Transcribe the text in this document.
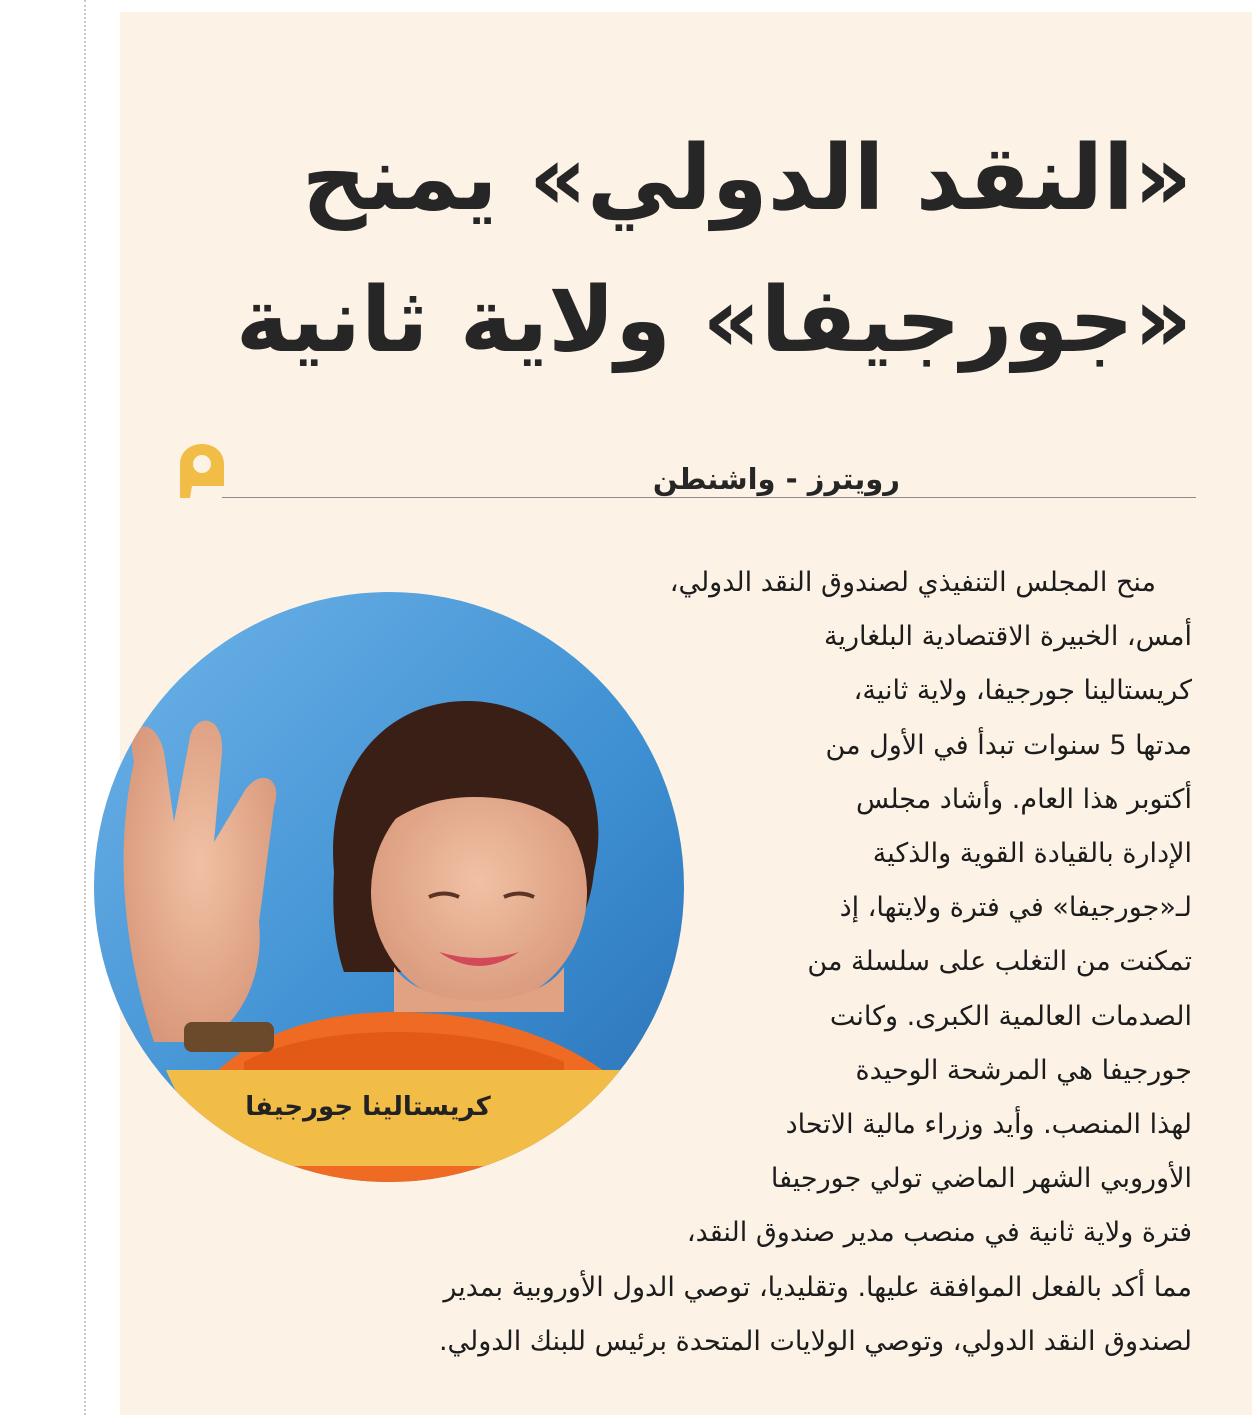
«النقد الدولي» يمنح
«جورجيفا» ولاية ثانية
رويترز - واشنطن
كريستالينا جورجيفا
منح المجلس التنفيذي لصندوق النقد الدولي،
أمس، الخبيرة الاقتصادية البلغارية
كريستالينا جورجيفا، ولاية ثانية،
مدتها 5 سنوات تبدأ في الأول من
أكتوبر هذا العام. وأشاد مجلس
الإدارة بالقيادة القوية والذكية
لـ«جورجيفا» في فترة ولايتها، إذ
تمكنت من التغلب على سلسلة من
الصدمات العالمية الكبرى. وكانت
جورجيفا هي المرشحة الوحيدة
لهذا المنصب. وأيد وزراء مالية الاتحاد
الأوروبي الشهر الماضي تولي جورجيفا
فترة ولاية ثانية في منصب مدير صندوق النقد،
مما أكد بالفعل الموافقة عليها. وتقليديا، توصي الدول الأوروبية بمدير
لصندوق النقد الدولي، وتوصي الولايات المتحدة برئيس للبنك الدولي.
